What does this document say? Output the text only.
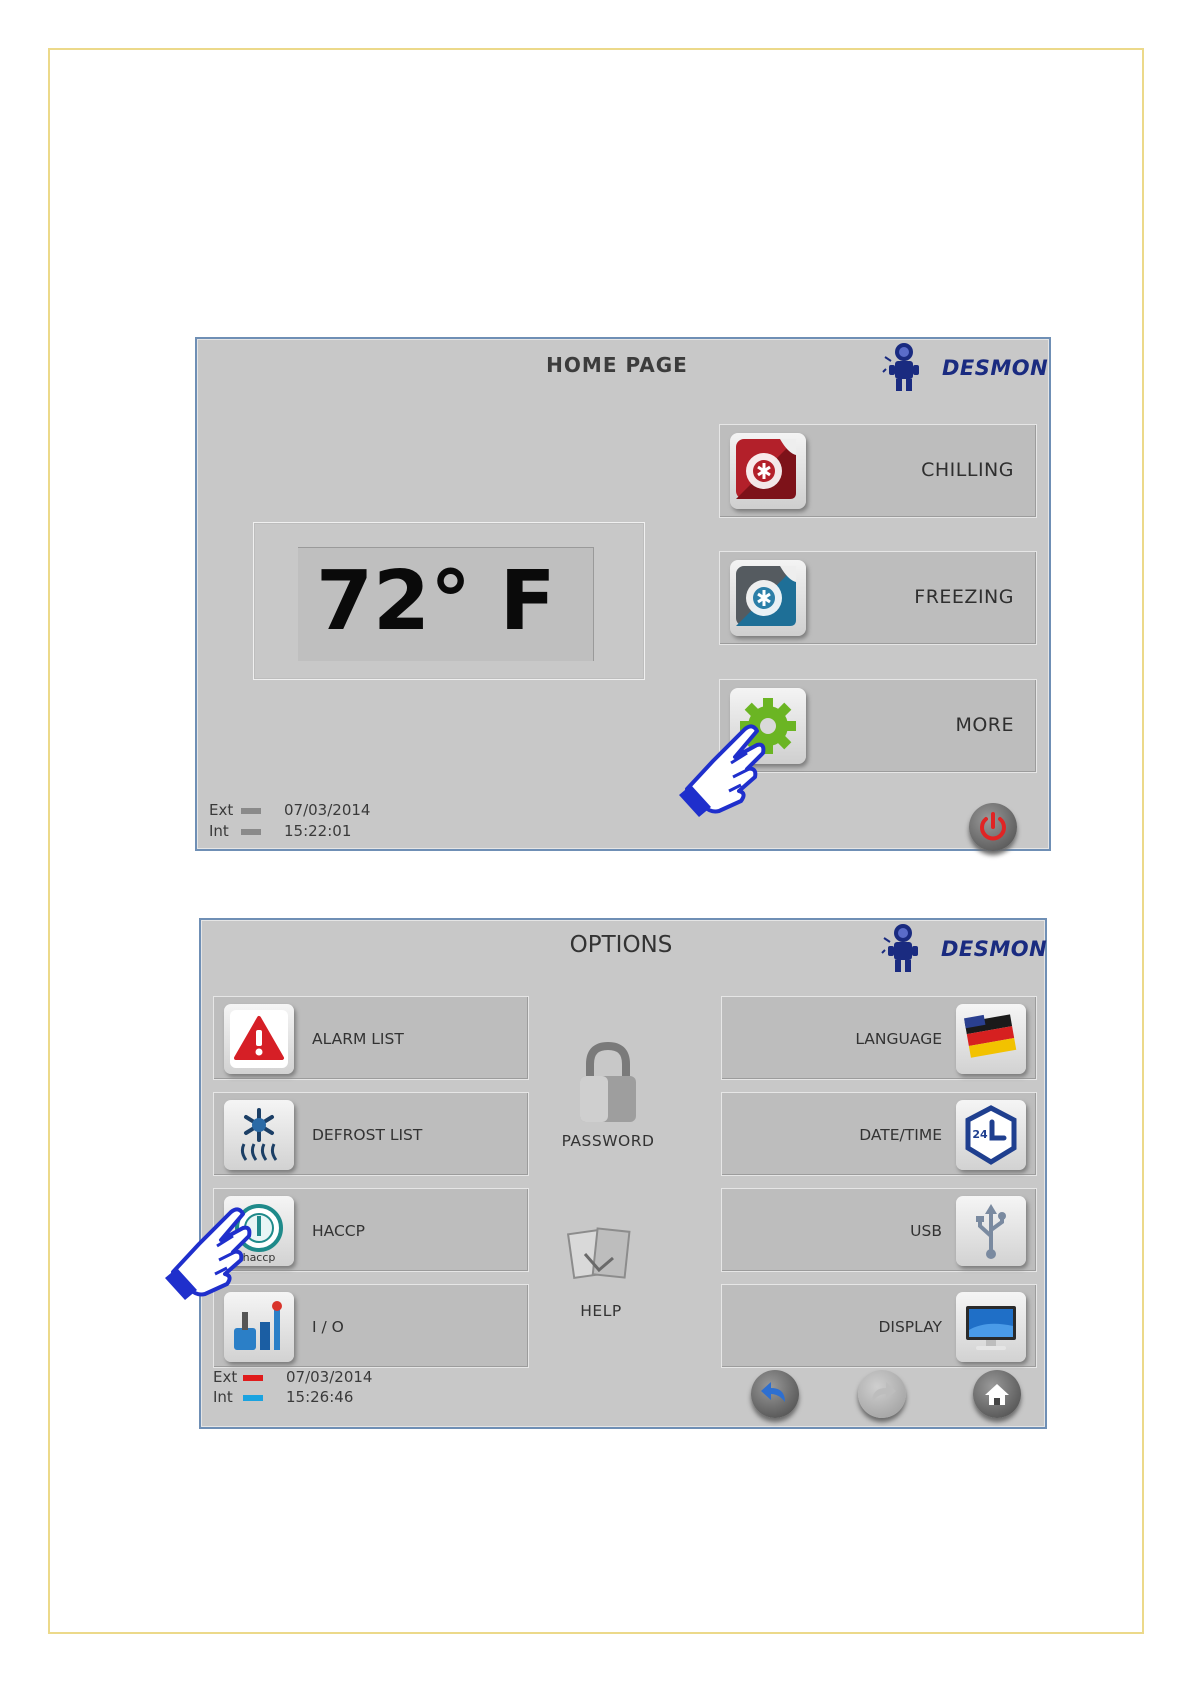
HOME PAGE	DESMON
72° F
CHILLING
FREEZING
MORE
Ext
Int
07/03/2014
15:22:01
OPTIONS	DESMON
ALARM LIST
DEFROST LIST
haccp
HACCP
I / O
PASSWORD
HELP
LANGUAGE
24
DATE/TIME
USB
DISPLAY
Ext
Int
07/03/2014
15:26:46
